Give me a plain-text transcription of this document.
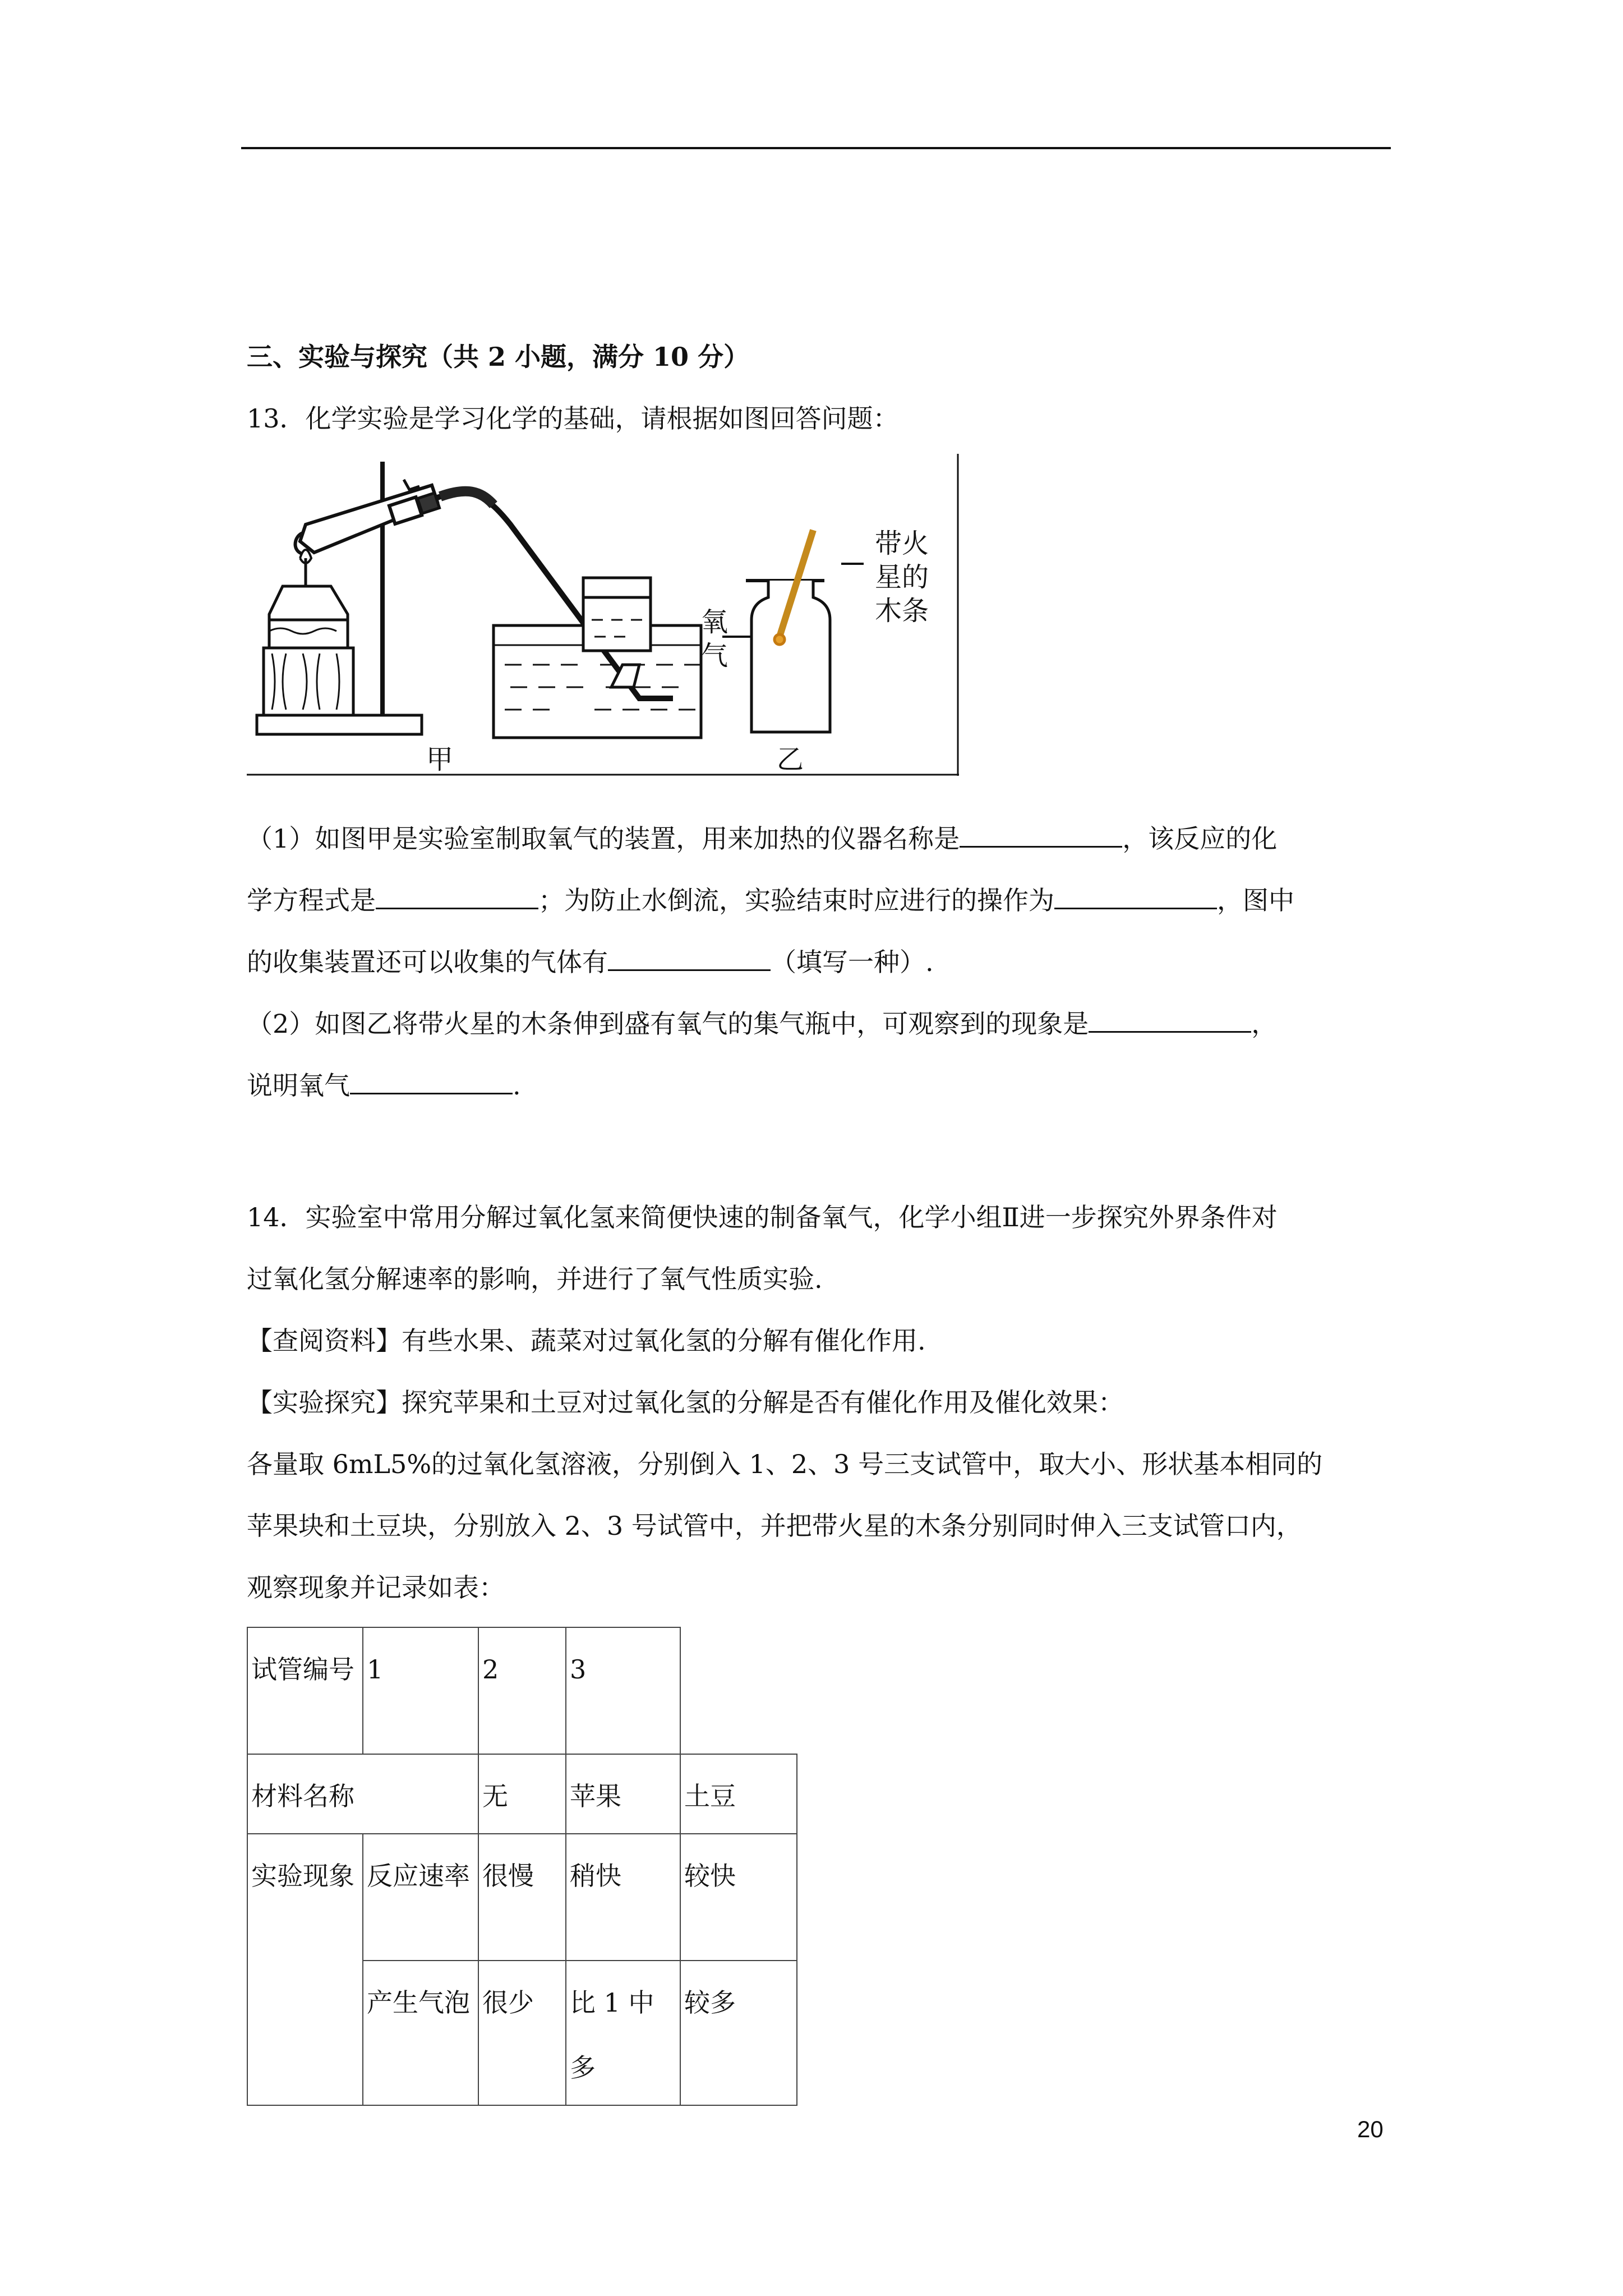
三、实验与探究（共 2 小题，满分 10 分）
13．化学实验是学习化学的基础，请根据如图回答问题：
甲	乙
带火
星的
木条
氧
气
（1）如图甲是实验室制取氧气的装置，用来加热的仪器名称是	，该反应的化
学方程式是	；为防止水倒流，实验结束时应进行的操作为	，图中
的收集装置还可以收集的气体有	（填写一种）.
（2）如图乙将带火星的木条伸到盛有氧气的集气瓶中，可观察到的现象是	，
说明氧气	.
14．实验室中常用分解过氧化氢来简便快速的制备氧气，化学小组Ⅱ进一步探究外界条件对
过氧化氢分解速率的影响，并进行了氧气性质实验.
【查阅资料】有些水果、蔬菜对过氧化氢的分解有催化作用.
【实验探究】探究苹果和土豆对过氧化氢的分解是否有催化作用及催化效果：
各量取 6mL5%的过氧化氢溶液，分别倒入 1、2、3 号三支试管中，取大小、形状基本相同的
苹果块和土豆块，分别放入 2、3 号试管中，并把带火星的木条分别同时伸入三支试管口内，
观察现象并记录如表：
试管编号	1	2	3	
材料名称		无	苹果	土豆
实验现象	反应速率	很慢	稍快	较快
	产生气泡	很少	比 1 中多	较多
20
